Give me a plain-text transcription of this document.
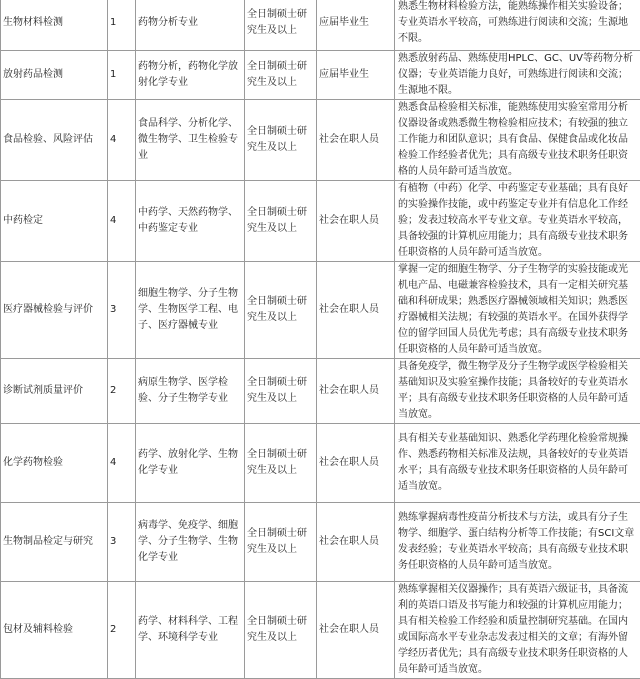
生物材料检测	1	药物分析专业	全日制硕士研究生及以上	应届毕业生	熟悉生物材料检验方法，能熟练操作相关实验设备；专业英语水平较高，可熟练进行阅读和交流；生源地不限。
放射药品检测	1	药物分析，药物化学放射化学专业	全日制硕士研究生及以上	应届毕业生	熟悉放射药品、熟练使用HPLC、GC、UV等药物分析仪器；专业英语能力良好，可熟练进行阅读和交流；生源地不限。
食品检验、风险评估	4	食品科学、分析化学、微生物学、卫生检验专业	全日制硕士研究生及以上	社会在职人员	熟悉食品检验相关标准，能熟练使用实验室常用分析仪器设备或熟悉微生物检验相应技术；有较强的独立工作能力和团队意识；具有食品、保健食品或化妆品检验工作经验者优先；具有高级专业技术职务任职资格的人员年龄可适当放宽。
中药检定	4	中药学、天然药物学、中药鉴定专业	全日制硕士研究生及以上	社会在职人员	有植物（中药）化学、中药鉴定专业基础；具有良好的实验操作技能，或中药鉴定专业并有信息化工作经验；发表过较高水平专业文章。专业英语水平较高，具备较强的计算机应用能力；具有高级专业技术职务任职资格的人员年龄可适当放宽。
医疗器械检验与评价	3	细胞生物学、分子生物学、生物医学工程、电子、医疗器械专业	全日制硕士研究生及以上	社会在职人员	掌握一定的细胞生物学、分子生物学的实验技能或光机电产品、电磁兼容检验技术，具有一定相关研究基础和科研成果；熟悉医疗器械领域相关知识；熟悉医疗器械相关法规；有较强的英语水平。在国外获得学位的留学回国人员优先考虑；具有高级专业技术职务任职资格的人员年龄可适当放宽。
诊断试剂质量评价	2	病原生物学、医学检验、分子生物学专业	全日制硕士研究生及以上	社会在职人员	具备免疫学，微生物学及分子生物学或医学检验相关基础知识及实验室操作技能；具备较好的专业英语水平；具有高级专业技术职务任职资格的人员年龄可适当放宽。
化学药物检验	4	药学、放射化学、生物化学专业	全日制硕士研究生及以上	社会在职人员	具有相关专业基础知识、熟悉化学药理化检验常规操作、熟悉药物相关标准及法规，具备较好的专业英语水平；具有高级专业技术职务任职资格的人员年龄可适当放宽。
生物制品检定与研究	3	病毒学、免疫学、细胞学、分子生物学、生物化学专业	全日制硕士研究生及以上	社会在职人员	熟练掌握病毒性疫苗分析技术与方法，或具有分子生物学、细胞学、蛋白结构分析等工作技能；有SCI文章发表经验；专业英语水平较高；具有高级专业技术职务任职资格的人员年龄可适当放宽。
包材及辅料检验	2	药学、材料科学、工程学、环境科学专业	全日制硕士研究生及以上	社会在职人员	熟练掌握相关仪器操作；具有英语六级证书，具备流利的英语口语及书写能力和较强的计算机应用能力；具有相关检验工作经验和质量控制研究基础。在国内或国际高水平专业杂志发表过相关的文章；有海外留学经历者优先；具有高级专业技术职务任职资格的人员年龄可适当放宽。
